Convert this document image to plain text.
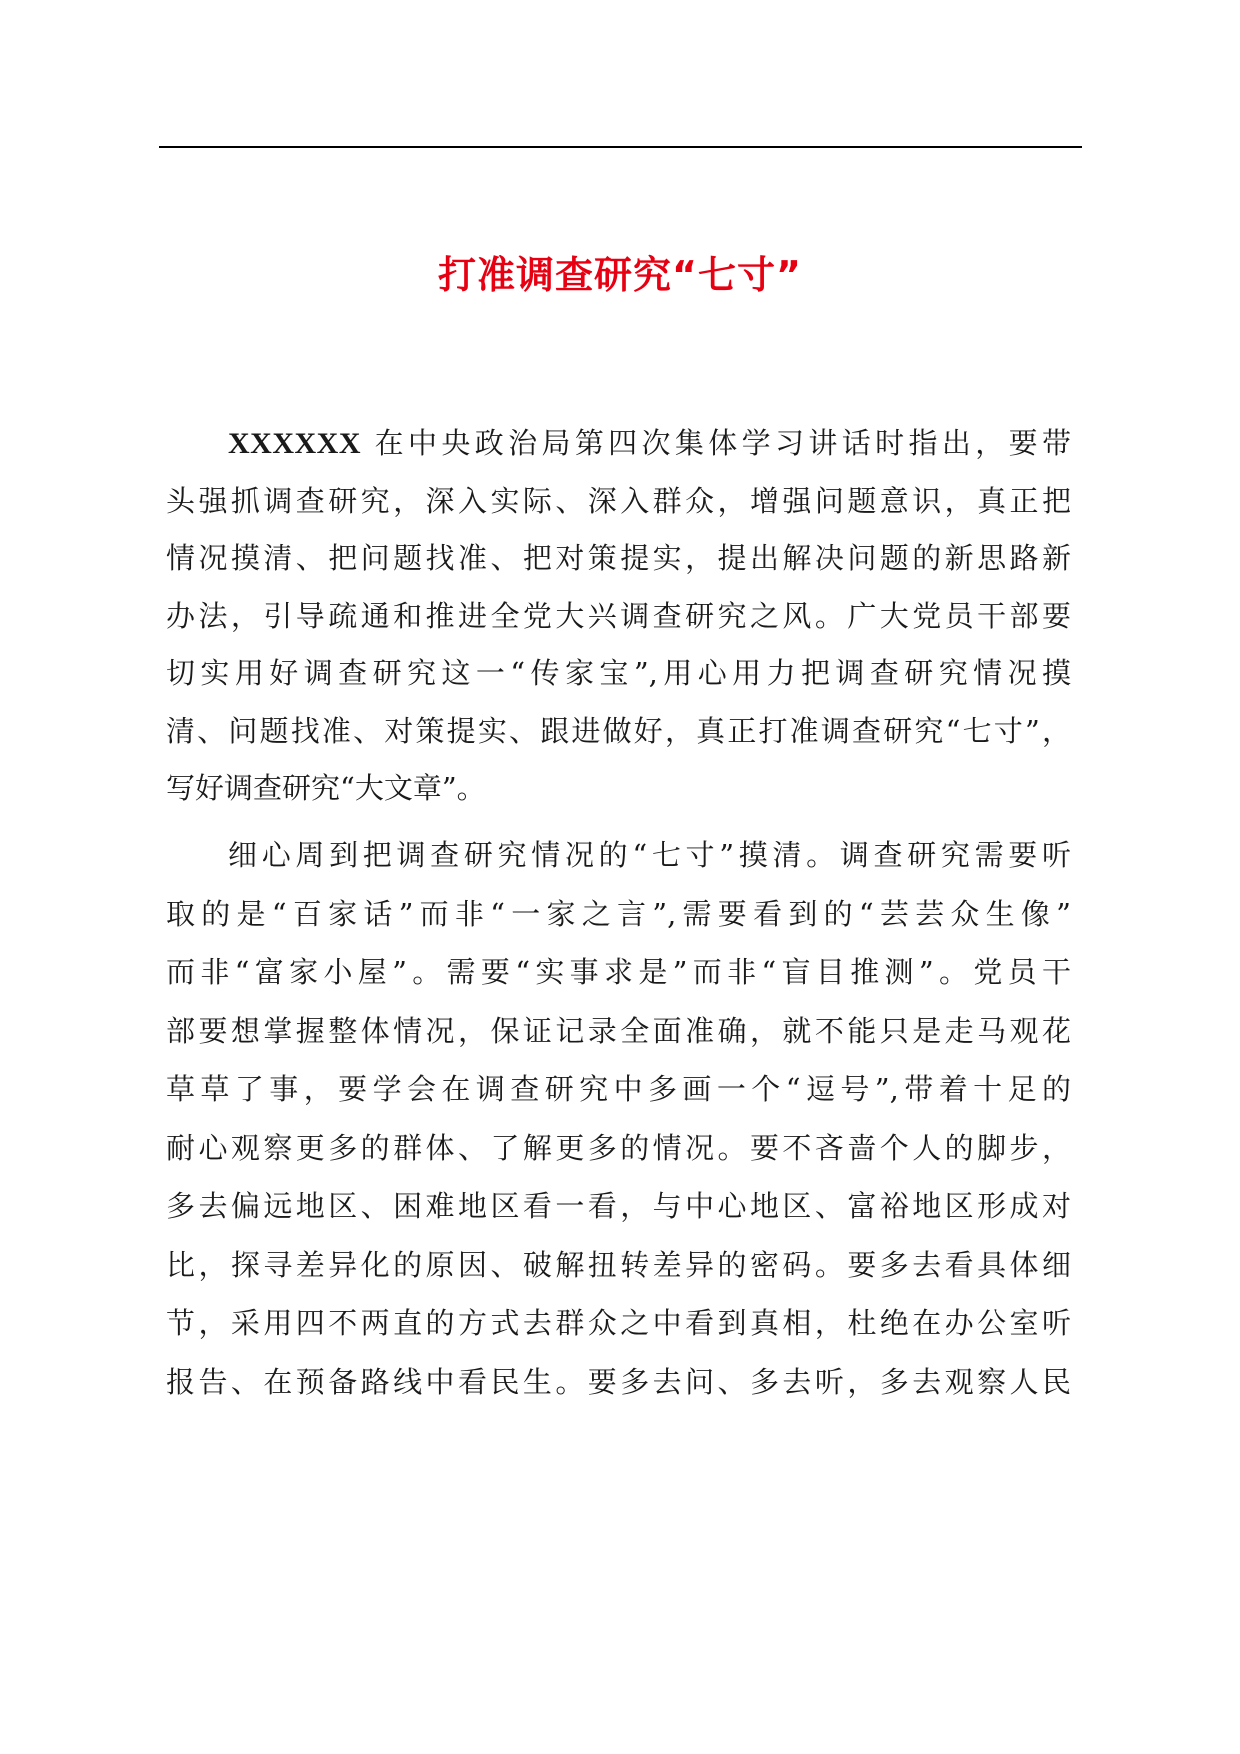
打准调查研究“七寸”
XXXXXX 在中央政治局第四次集体学习讲话时指出，要带
头强抓调查研究，深入实际、深入群众，增强问题意识，真正把
情况摸清、把问题找准、把对策提实，提出解决问题的新思路新
办法，引导疏通和推进全党大兴调查研究之风。广大党员干部要
切实用好调查研究这一“传家宝”,用心用力把调查研究情况摸
清、问题找准、对策提实、跟进做好，真正打准调查研究“七寸”，
写好调查研究“大文章”。
细心周到把调查研究情况的“七寸”摸清。调查研究需要听
取的是“百家话”而非“一家之言”,需要看到的“芸芸众生像”
而非“富家小屋”。需要“实事求是”而非“盲目推测”。党员干
部要想掌握整体情况，保证记录全面准确，就不能只是走马观花
草草了事，要学会在调查研究中多画一个“逗号”,带着十足的
耐心观察更多的群体、了解更多的情况。要不吝啬个人的脚步，
多去偏远地区、困难地区看一看，与中心地区、富裕地区形成对
比，探寻差异化的原因、破解扭转差异的密码。要多去看具体细
节，采用四不两直的方式去群众之中看到真相，杜绝在办公室听
报告、在预备路线中看民生。要多去问、多去听，多去观察人民
